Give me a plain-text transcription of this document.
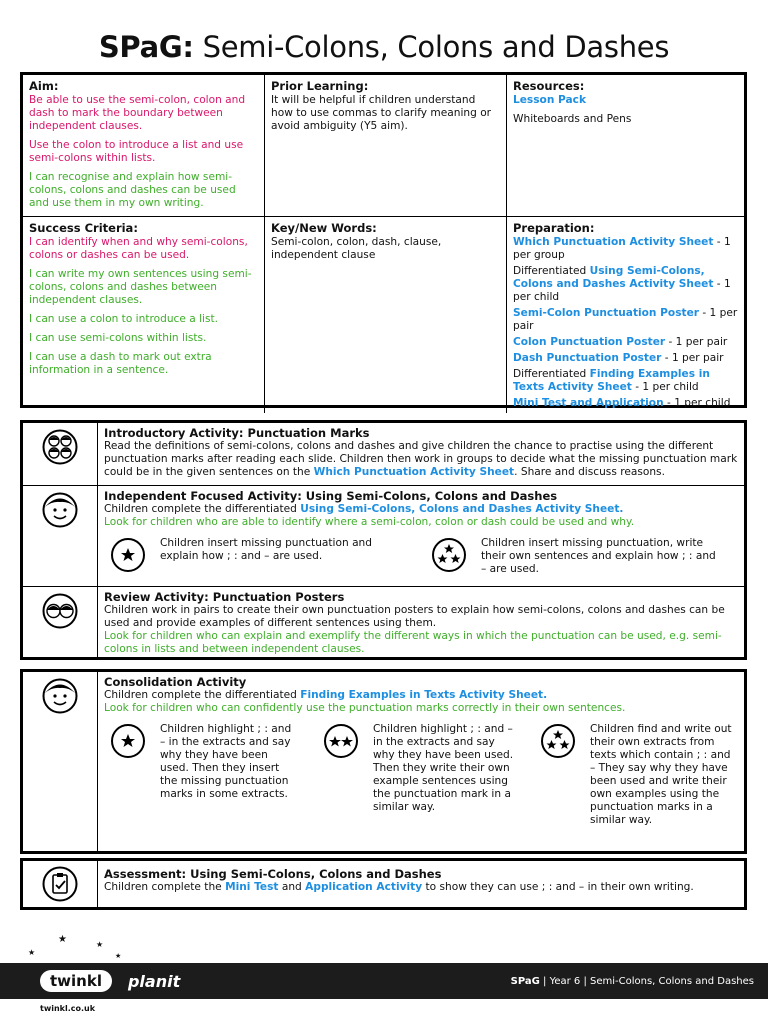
SPaG: Semi-Colons, Colons and Dashes
Aim:

Be able to use the semi-colon, colon and dash to mark the boundary between independent clauses.

Use the colon to introduce a list and use semi-colons within lists.

I can recognise and explain how semi-colons, colons and dashes can be used and use them in my own writing.

Prior Learning:

It will be helpful if children understand how to use commas to clarify meaning or avoid ambiguity (Y5 aim).

Resources:

Lesson Pack

Whiteboards and Pens

Success Criteria:

I can identify when and why semi-colons, colons or dashes can be used.

I can write my own sentences using semi-colons, colons and dashes between independent clauses.

I can use a colon to introduce a list.

I can use semi-colons within lists.

I can use a dash to mark out extra information in a sentence.

Key/New Words:

Semi-colon, colon, dash, clause, independent clause

Preparation:

Which Punctuation Activity Sheet - 1 per group

Differentiated Using Semi-Colons, Colons and Dashes Activity Sheet - 1 per child

Semi-Colon Punctuation Poster - 1 per pair

Colon Punctuation Poster - 1 per pair

Dash Punctuation Poster - 1 per pair

Differentiated Finding Examples in Texts Activity Sheet - 1 per child

Mini Test and Application - 1 per child

Introductory Activity: Punctuation Marks
Read the definitions of semi-colons, colons and dashes and give children the chance to practise using the different punctuation marks after reading each slide. Children then work in groups to decide what the missing punctuation mark could be in the given sentences on the Which Punctuation Activity Sheet. Share and discuss reasons.
Independent Focused Activity: Using Semi-Colons, Colons and Dashes
Children complete the differentiated Using Semi-Colons, Colons and Dashes Activity Sheet.
Look for children who are able to identify where a semi-colon, colon or dash could be used and why.
Children insert missing punctuation and explain how ; : and – are used.
Children insert missing punctuation, write their own sentences and explain how ; : and – are used.
Review Activity: Punctuation Posters
Children work in pairs to create their own punctuation posters to explain how semi-colons, colons and dashes can be used and provide examples of different sentences using them.
Look for children who can explain and exemplify the different ways in which the punctuation can be used, e.g. semi-colons in lists and between independent clauses.
Consolidation Activity
Children complete the differentiated Finding Examples in Texts Activity Sheet.
Look for children who can confidently use the punctuation marks correctly in their own sentences.
Children highlight ; : and – in the extracts and say why they have been used. Then they insert the missing punctuation marks in some extracts.
Children highlight ; : and – in the extracts and say why they have been used. Then they write their own example sentences using the punctuation mark in a similar way.
Children find and write out their own extracts from texts which contain ; : and – They say why they have been used and write their own examples using the punctuation marks in a similar way.
Assessment: Using Semi-Colons, Colons and Dashes
Children complete the Mini Test and Application Activity to show they can use ; : and – in their own writing.
★
★
★
★
twinkl	planit	SPaG | Year 6 | Semi-Colons, Colons and Dashes
twinkl.co.uk
